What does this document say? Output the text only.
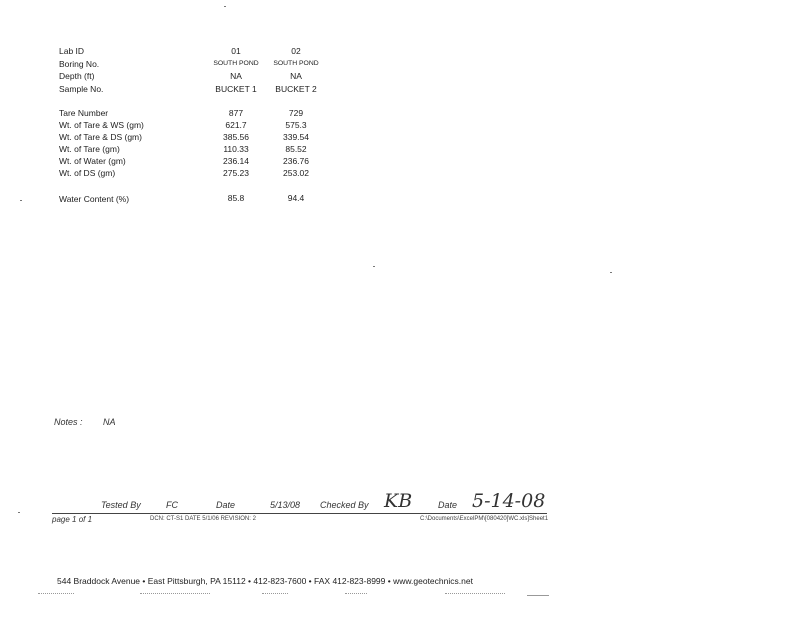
Lab ID	01	02
Boring No.	SOUTH POND	SOUTH POND
Depth (ft)	NA	NA
Sample No.	BUCKET 1	BUCKET 2
Tare Number	877	729
Wt. of Tare & WS (gm)	621.7	575.3
Wt. of Tare & DS (gm)	385.56	339.54
Wt. of Tare (gm)	110.33	85.52
Wt. of Water (gm)	236.14	236.76
Wt. of DS (gm)	275.23	253.02
Water Content (%)	85.8	94.4
Notes : NA
Tested By	FC	Date	5/13/08 Checked By KB	Date 5-14-08
page 1 of 1	DCN: CT-S1 DATE 5/1/06 REVISION: 2	C:\Documents\ExcelPM\[080420]WC.xls]Sheet1
544 Braddock Avenue • East Pittsburgh, PA 15112 • 412-823-7600 • FAX 412-823-8999 • www.geotechnics.net
